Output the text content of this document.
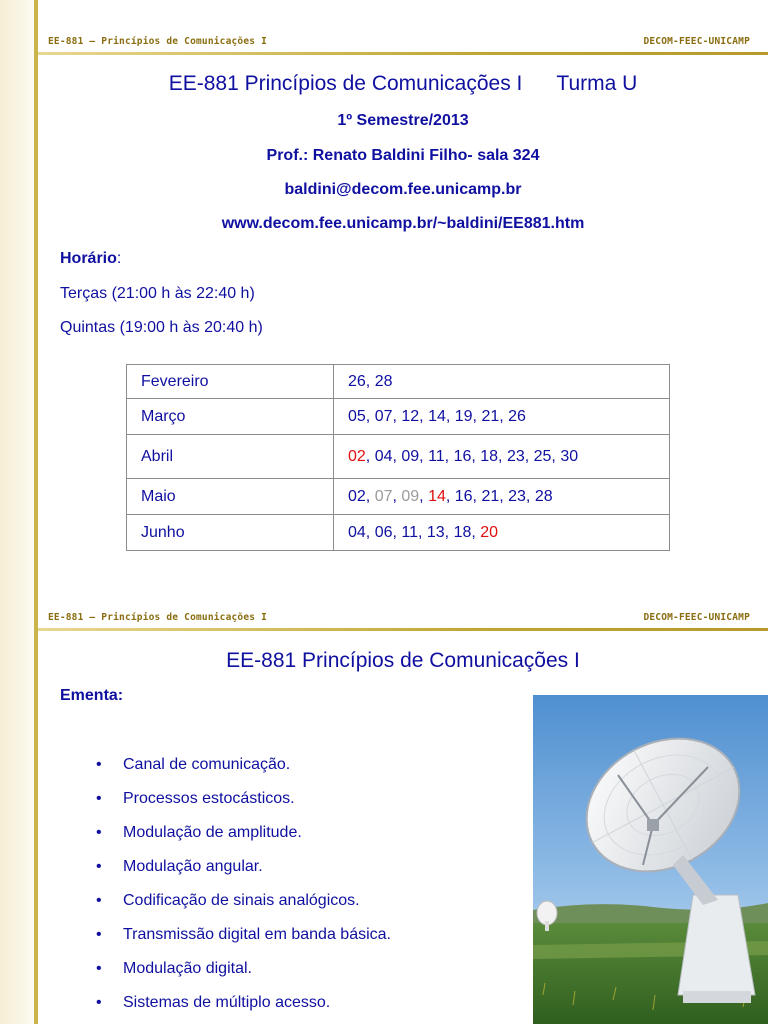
EE-881 – Princípios de Comunicações I	DECOM-FEEC-UNICAMP
EE-881 Princípios de Comunicações I Turma U
1º Semestre/2013
Prof.: Renato Baldini Filho- sala 324
baldini@decom.fee.unicamp.br
www.decom.fee.unicamp.br/~baldini/EE881.htm
Horário:
Terças (21:00 h às 22:40 h)
Quintas (19:00 h às 20:40 h)
Fevereiro	26, 28
Março	05, 07, 12, 14, 19, 21, 26
Abril	02, 04, 09, 11, 16, 18, 23, 25, 30
Maio	02, 07, 09, 14, 16, 21, 23, 28
Junho	04, 06, 11, 13, 18, 20
EE-881 – Princípios de Comunicações I	DECOM-FEEC-UNICAMP
EE-881 Princípios de Comunicações I
Ementa:
• Canal de comunicação.
• Processos estocásticos.
• Modulação de amplitude.
• Modulação angular.
• Codificação de sinais analógicos.
• Transmissão digital em banda básica.
• Modulação digital.
• Sistemas de múltiplo acesso.
